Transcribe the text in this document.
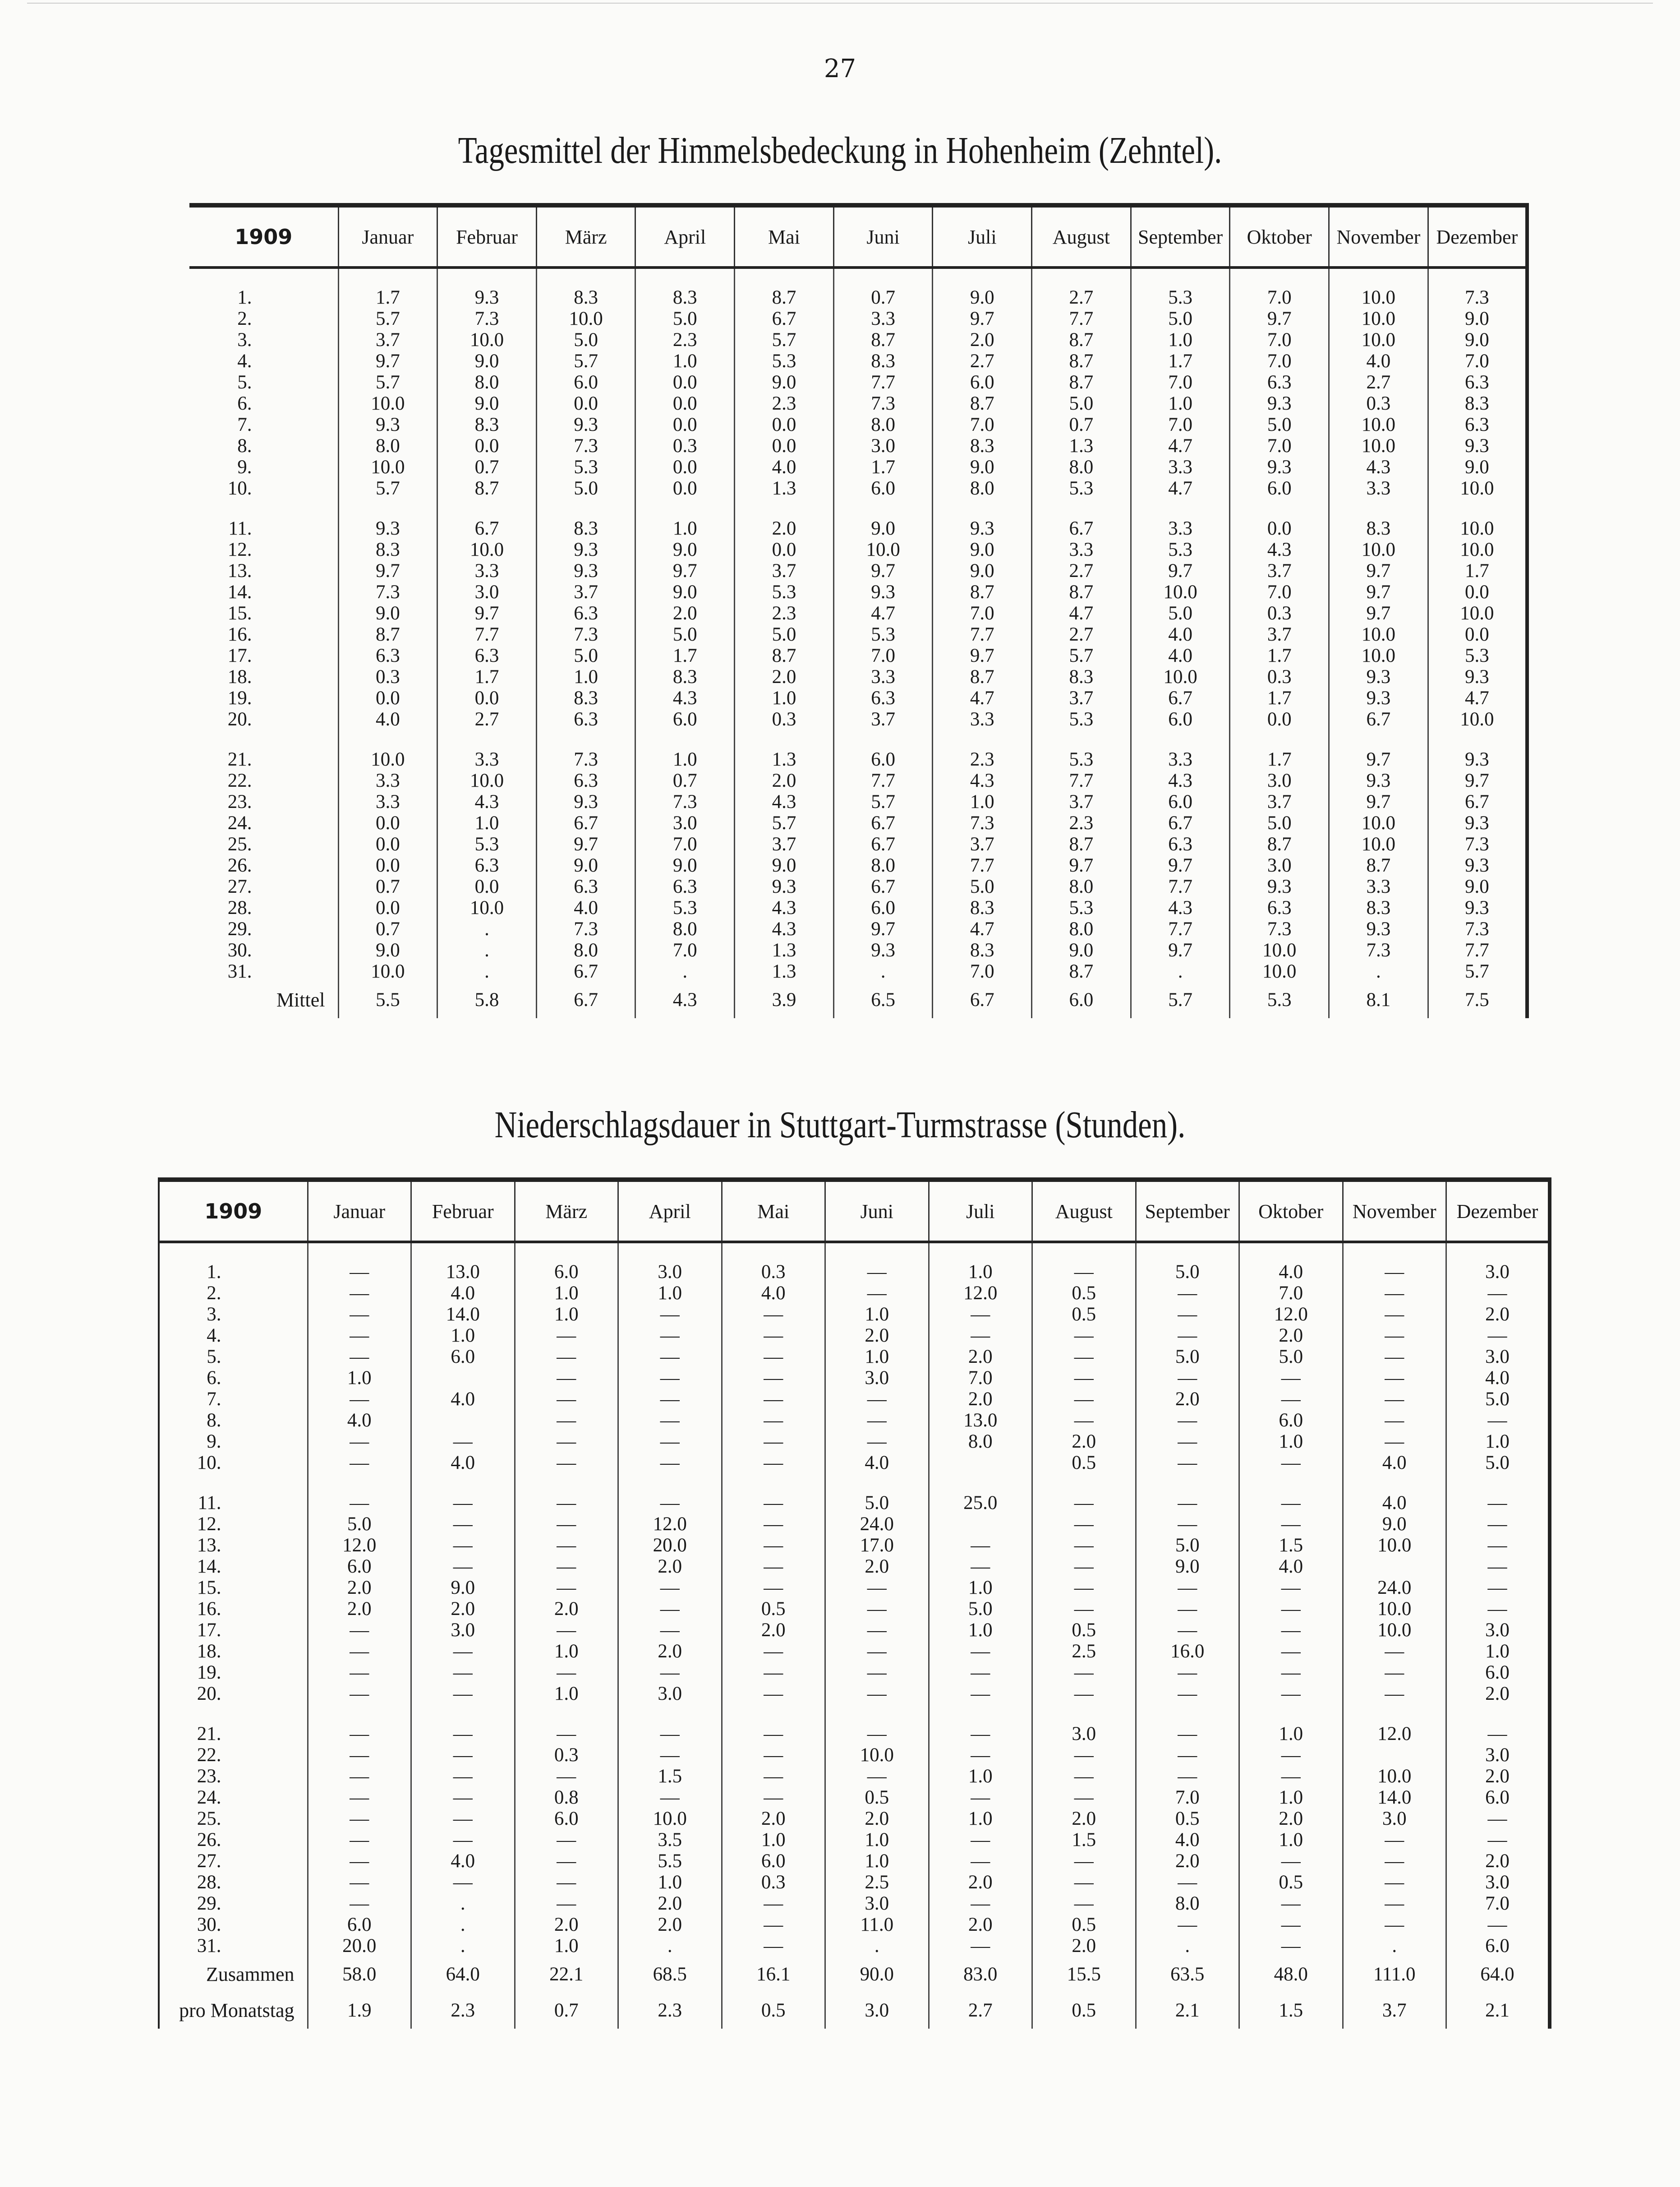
27
Tagesmittel der Himmelsbedeckung in Hohenheim (Zehntel).
1909	Januar	Februar	März	April	Mai	Juni	Juli	August	September	Oktober	November	Dezember
1.	1.7	9.3	8.3	8.3	8.7	0.7	9.0	2.7	5.3	7.0	10.0	7.3
2.	5.7	7.3	10.0	5.0	6.7	3.3	9.7	7.7	5.0	9.7	10.0	9.0
3.	3.7	10.0	5.0	2.3	5.7	8.7	2.0	8.7	1.0	7.0	10.0	9.0
4.	9.7	9.0	5.7	1.0	5.3	8.3	2.7	8.7	1.7	7.0	4.0	7.0
5.	5.7	8.0	6.0	0.0	9.0	7.7	6.0	8.7	7.0	6.3	2.7	6.3
6.	10.0	9.0	0.0	0.0	2.3	7.3	8.7	5.0	1.0	9.3	0.3	8.3
7.	9.3	8.3	9.3	0.0	0.0	8.0	7.0	0.7	7.0	5.0	10.0	6.3
8.	8.0	0.0	7.3	0.3	0.0	3.0	8.3	1.3	4.7	7.0	10.0	9.3
9.	10.0	0.7	5.3	0.0	4.0	1.7	9.0	8.0	3.3	9.3	4.3	9.0
10.	5.7	8.7	5.0	0.0	1.3	6.0	8.0	5.3	4.7	6.0	3.3	10.0
11.	9.3	6.7	8.3	1.0	2.0	9.0	9.3	6.7	3.3	0.0	8.3	10.0
12.	8.3	10.0	9.3	9.0	0.0	10.0	9.0	3.3	5.3	4.3	10.0	10.0
13.	9.7	3.3	9.3	9.7	3.7	9.7	9.0	2.7	9.7	3.7	9.7	1.7
14.	7.3	3.0	3.7	9.0	5.3	9.3	8.7	8.7	10.0	7.0	9.7	0.0
15.	9.0	9.7	6.3	2.0	2.3	4.7	7.0	4.7	5.0	0.3	9.7	10.0
16.	8.7	7.7	7.3	5.0	5.0	5.3	7.7	2.7	4.0	3.7	10.0	0.0
17.	6.3	6.3	5.0	1.7	8.7	7.0	9.7	5.7	4.0	1.7	10.0	5.3
18.	0.3	1.7	1.0	8.3	2.0	3.3	8.7	8.3	10.0	0.3	9.3	9.3
19.	0.0	0.0	8.3	4.3	1.0	6.3	4.7	3.7	6.7	1.7	9.3	4.7
20.	4.0	2.7	6.3	6.0	0.3	3.7	3.3	5.3	6.0	0.0	6.7	10.0
21.	10.0	3.3	7.3	1.0	1.3	6.0	2.3	5.3	3.3	1.7	9.7	9.3
22.	3.3	10.0	6.3	0.7	2.0	7.7	4.3	7.7	4.3	3.0	9.3	9.7
23.	3.3	4.3	9.3	7.3	4.3	5.7	1.0	3.7	6.0	3.7	9.7	6.7
24.	0.0	1.0	6.7	3.0	5.7	6.7	7.3	2.3	6.7	5.0	10.0	9.3
25.	0.0	5.3	9.7	7.0	3.7	6.7	3.7	8.7	6.3	8.7	10.0	7.3
26.	0.0	6.3	9.0	9.0	9.0	8.0	7.7	9.7	9.7	3.0	8.7	9.3
27.	0.7	0.0	6.3	6.3	9.3	6.7	5.0	8.0	7.7	9.3	3.3	9.0
28.	0.0	10.0	4.0	5.3	4.3	6.0	8.3	5.3	4.3	6.3	8.3	9.3
29.	0.7	.	7.3	8.0	4.3	9.7	4.7	8.0	7.7	7.3	9.3	7.3
30.	9.0	.	8.0	7.0	1.3	9.3	8.3	9.0	9.7	10.0	7.3	7.7
31.	10.0	.	6.7	.	1.3	.	7.0	8.7	.	10.0	.	5.7
Mittel	5.5	5.8	6.7	4.3	3.9	6.5	6.7	6.0	5.7	5.3	8.1	7.5
Niederschlagsdauer in Stuttgart-Turmstrasse (Stunden).
1909	Januar	Februar	März	April	Mai	Juni	Juli	August	September	Oktober	November	Dezember
1.	—	13.0	6.0	3.0	0.3	—	1.0	—	5.0	4.0	—	3.0
2.	—	4.0	1.0	1.0	4.0	—	12.0	0.5	—	7.0	—	—
3.	—	14.0	1.0	—	—	1.0	—	0.5	—	12.0	—	2.0
4.	—	1.0	—	—	—	2.0	—	—	—	2.0	—	—
5.	—	6.0	—	—	—	1.0	2.0	—	5.0	5.0	—	3.0
6.	1.0		—	—	—	3.0	7.0	—	—	—	—	4.0
7.	—	4.0	—	—	—	—	2.0	—	2.0	—	—	5.0
8.	4.0		—	—	—	—	13.0	—	—	6.0	—	—
9.	—	—	—	—	—	—	8.0	2.0	—	1.0	—	1.0
10.	—	4.0	—	—	—	4.0		0.5	—	—	4.0	5.0
11.	—	—	—	—	—	5.0	25.0	—	—	—	4.0	—
12.	5.0	—	—	12.0	—	24.0		—	—	—	9.0	—
13.	12.0	—	—	20.0	—	17.0	—	—	5.0	1.5	10.0	—
14.	6.0	—	—	2.0	—	2.0	—	—	9.0	4.0		—
15.	2.0	9.0	—	—	—	—	1.0	—	—	—	24.0	—
16.	2.0	2.0	2.0	—	0.5	—	5.0	—	—	—	10.0	—
17.	—	3.0	—	—	2.0	—	1.0	0.5	—	—	10.0	3.0
18.	—	—	1.0	2.0	—	—	—	2.5	16.0	—	—	1.0
19.	—	—	—	—	—	—	—	—	—	—	—	6.0
20.	—	—	1.0	3.0	—	—	—	—	—	—	—	2.0
21.	—	—	—	—	—	—	—	3.0	—	1.0	12.0	—
22.	—	—	0.3	—	—	10.0	—	—	—	—		3.0
23.	—	—	—	1.5	—	—	1.0	—	—	—	10.0	2.0
24.	—	—	0.8	—	—	0.5	—	—	7.0	1.0	14.0	6.0
25.	—	—	6.0	10.0	2.0	2.0	1.0	2.0	0.5	2.0	3.0	—
26.	—	—	—	3.5	1.0	1.0	—	1.5	4.0	1.0	—	—
27.	—	4.0	—	5.5	6.0	1.0	—	—	2.0	—	—	2.0
28.	—	—	—	1.0	0.3	2.5	2.0	—	—	0.5	—	3.0
29.	—	.	—	2.0	—	3.0	—	—	8.0	—	—	7.0
30.	6.0	.	2.0	2.0	—	11.0	2.0	0.5	—	—	—	—
31.	20.0	.	1.0	.	—	.	—	2.0	.	—	.	6.0
Zusammen	58.0	64.0	22.1	68.5	16.1	90.0	83.0	15.5	63.5	48.0	111.0	64.0
pro Monatstag	1.9	2.3	0.7	2.3	0.5	3.0	2.7	0.5	2.1	1.5	3.7	2.1
